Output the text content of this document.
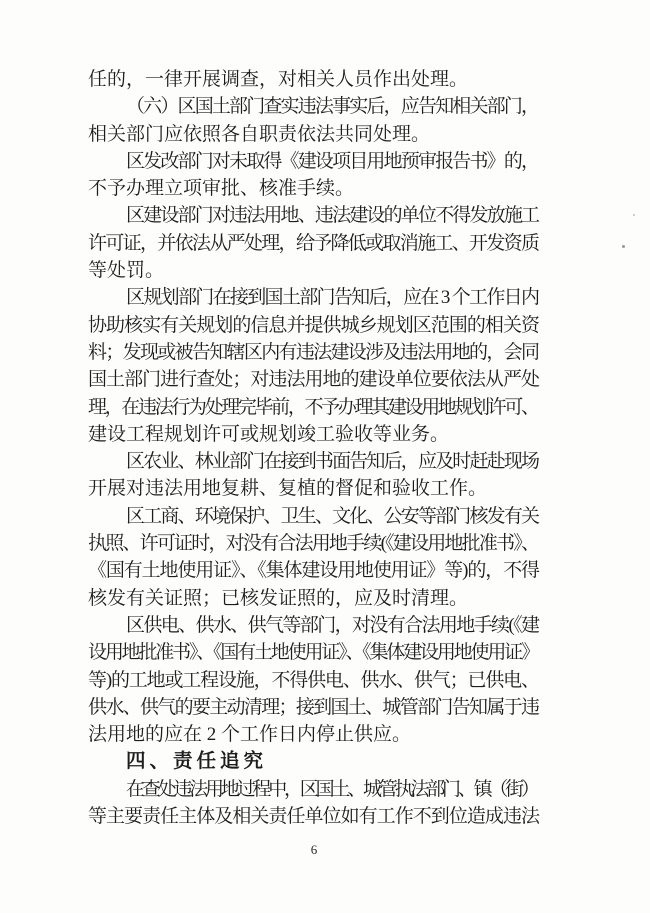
任的，一律开展调查，对相关人员作出处理。
（六）区国土部门查实违法事实后，应告知相关部门，
相关部门应依照各自职责依法共同处理。
区发改部门对未取得《建设项目用地预审报告书》的，
不予办理立项审批、核准手续。
区建设部门对违法用地、违法建设的单位不得发放施工
许可证，并依法从严处理，给予降低或取消施工、开发资质
等处罚。
区规划部门在接到国土部门告知后，应在 3 个工作日内
协助核实有关规划的信息并提供城乡规划区范围的相关资
料；发现或被告知辖区内有违法建设涉及违法用地的，会同
国土部门进行查处；对违法用地的建设单位要依法从严处
理，在违法行为处理完毕前，不予办理其建设用地规划许可、
建设工程规划许可或规划竣工验收等业务。
区农业、林业部门在接到书面告知后，应及时赶赴现场
开展对违法用地复耕、复植的督促和验收工作。
区工商、环境保护、卫生、文化、公安等部门核发有关
执照、许可证时，对没有合法用地手续(《建设用地批准书》、
《国有土地使用证》、《集体建设用地使用证》等)的，不得
核发有关证照；已核发证照的，应及时清理。
区供电、供水、供气等部门，对没有合法用地手续(《建
设用地批准书》、《国有土地使用证》、《集体建设用地使用证》
等)的工地或工程设施，不得供电、供水、供气；已供电、
供水、供气的要主动清理；接到国土、城管部门告知属于违
法用地的应在 2 个工作日内停止供应。
四、责任追究
在查处违法用地过程中，区国土、城管执法部门、镇（街）
等主要责任主体及相关责任单位如有工作不到位造成违法
6
